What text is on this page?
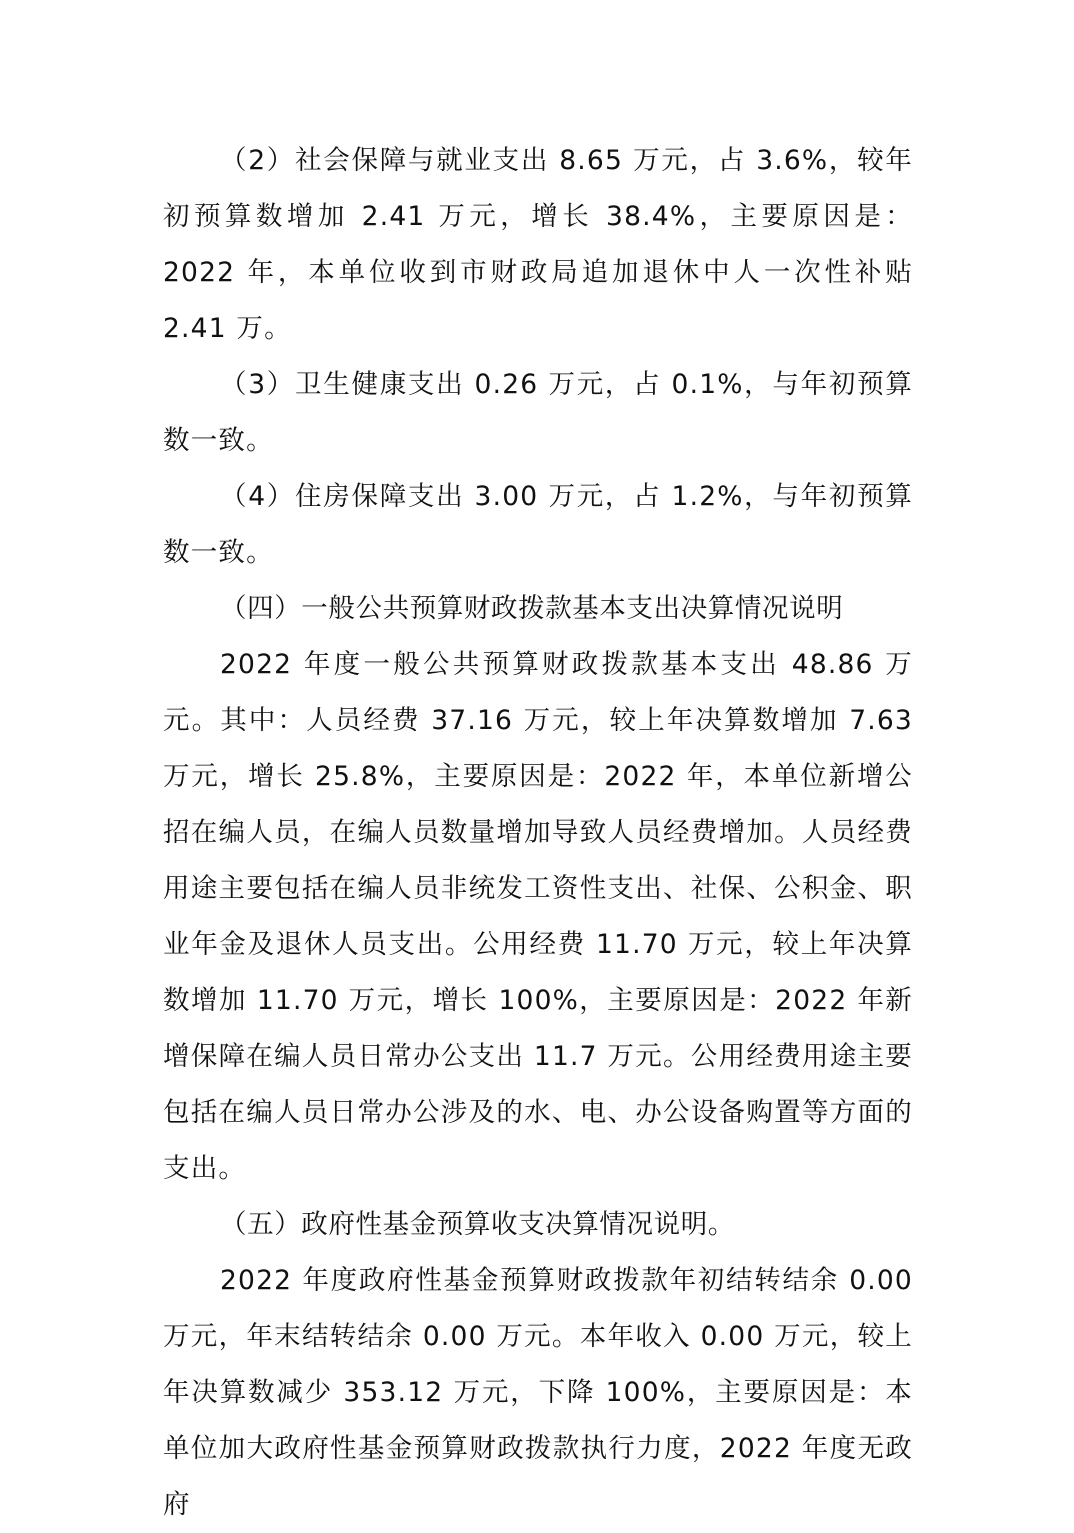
（2）社会保障与就业支出 8.65 万元，占 3.6%，较年初预算数增加 2.41 万元，增长 38.4%，主要原因是：2022 年，本单位收到市财政局追加退休中人一次性补贴 2.41 万。

（3）卫生健康支出 0.26 万元，占 0.1%，与年初预算数一致。

（4）住房保障支出 3.00 万元，占 1.2%，与年初预算数一致。

（四）一般公共预算财政拨款基本支出决算情况说明

2022 年度一般公共预算财政拨款基本支出 48.86 万元。其中：人员经费 37.16 万元，较上年决算数增加 7.63 万元，增长 25.8%，主要原因是：2022 年，本单位新增公招在编人员，在编人员数量增加导致人员经费增加。人员经费用途主要包括在编人员非统发工资性支出、社保、公积金、职业年金及退休人员支出。公用经费 11.70 万元，较上年决算数增加 11.70 万元，增长 100%，主要原因是：2022 年新增保障在编人员日常办公支出 11.7 万元。公用经费用途主要包括在编人员日常办公涉及的水、电、办公设备购置等方面的支出。

（五）政府性基金预算收支决算情况说明。

2022 年度政府性基金预算财政拨款年初结转结余 0.00 万元，年末结转结余 0.00 万元。本年收入 0.00 万元，较上年决算数减少 353.12 万元，下降 100%，主要原因是：本单位加大政府性基金预算财政拨款执行力度，2022 年度无政府
